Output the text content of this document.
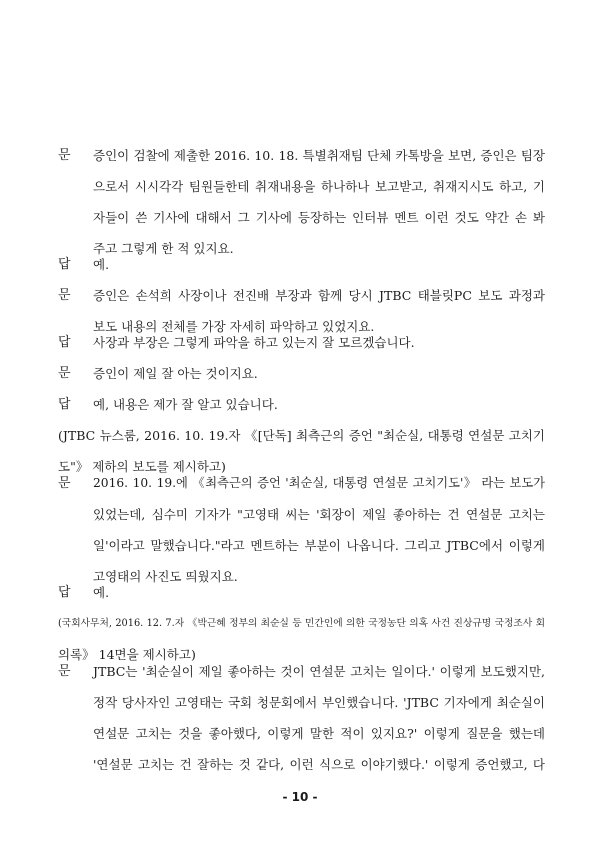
문 증인이 검찰에 제출한 2016. 10. 18. 특별취재팀 단체 카톡방을 보면, 증인은 팀장
으로서 시시각각 팀원들한테 취재내용을 하나하나 보고받고, 취재지시도 하고, 기
자들이 쓴 기사에 대해서 그 기사에 등장하는 인터뷰 멘트 이런 것도 약간 손 봐
주고 그렇게 한 적 있지요.
답 예.
문 증인은 손석희 사장이나 전진배 부장과 함께 당시 JTBC 태블릿PC 보도 과정과
보도 내용의 전체를 가장 자세히 파악하고 있었지요.
답 사장과 부장은 그렇게 파악을 하고 있는지 잘 모르겠습니다.
문 증인이 제일 잘 아는 것이지요.
답 예, 내용은 제가 잘 알고 있습니다.
(JTBC 뉴스룸, 2016. 10. 19.자 《[단독] 최측근의 증언 "최순실, 대통령 연설문 고치기
도"》 제하의 보도를 제시하고)
문 2016. 10. 19.에 《최측근의 증언 '최순실, 대통령 연설문 고치기도'》 라는 보도가
있었는데, 심수미 기자가 "고영태 씨는 '회장이 제일 좋아하는 건 연설문 고치는
일'이라고 말했습니다."라고 멘트하는 부분이 나옵니다. 그리고 JTBC에서 이렇게
고영태의 사진도 띄웠지요.
답 예.
(국회사무처, 2016. 12. 7.자 《박근혜 정부의 최순실 등 민간인에 의한 국정농단 의혹 사건 진상규명 국정조사 회
의록》 14면을 제시하고)
문 JTBC는 '최순실이 제일 좋아하는 것이 연설문 고치는 일이다.' 이렇게 보도했지만,
정작 당사자인 고영태는 국회 청문회에서 부인했습니다. 'JTBC 기자에게 최순실이
연설문 고치는 것을 좋아했다, 이렇게 말한 적이 있지요?' 이렇게 질문을 했는데
'연설문 고치는 건 잘하는 것 같다, 이런 식으로 이야기했다.' 이렇게 증언했고, 다
- 10 -
